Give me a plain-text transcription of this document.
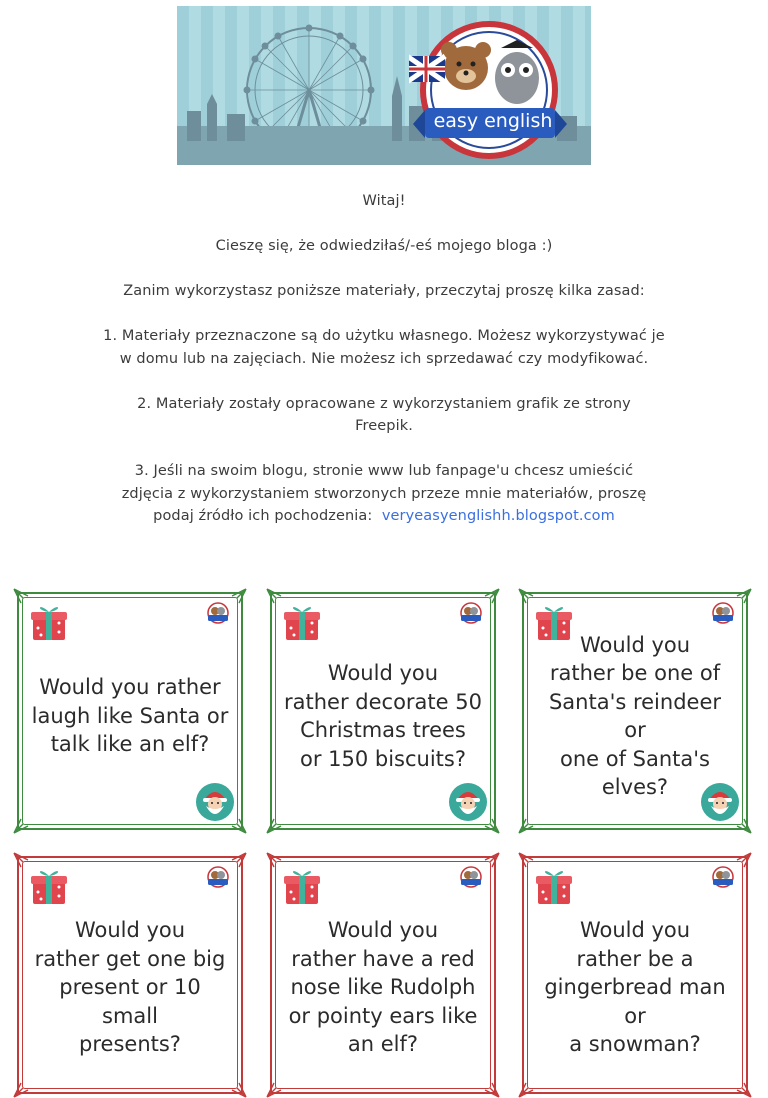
easy english

Witaj!

Cieszę się, że odwiedziłaś/-eś mojego bloga :)

Zanim wykorzystasz poniższe materiały, przeczytaj proszę kilka zasad:

1. Materiały przeznaczone są do użytku własnego. Możesz wykorzystywać je w domu lub na zajęciach. Nie możesz ich sprzedawać czy modyfikować.

2. Materiały zostały opracowane z wykorzystaniem grafik ze strony Freepik.

3. Jeśli na swoim blogu, stronie www lub fanpage'u chcesz umieścić zdjęcia z wykorzystaniem stworzonych przeze mnie materiałów, proszę podaj źródło ich pochodzenia: veryeasyenglishh.blogspot.com

Would you rather
laugh like Santa or
talk like an elf?
Would you
rather decorate 50
Christmas trees
or 150 biscuits?
Would you
rather be one of
Santa's reindeer or
one of Santa's
elves?
Would you
rather get one big
present or 10 small
presents?
Would you
rather have a red
nose like Rudolph
or pointy ears like
an elf?
Would you
rather be a
gingerbread man or
a snowman?
